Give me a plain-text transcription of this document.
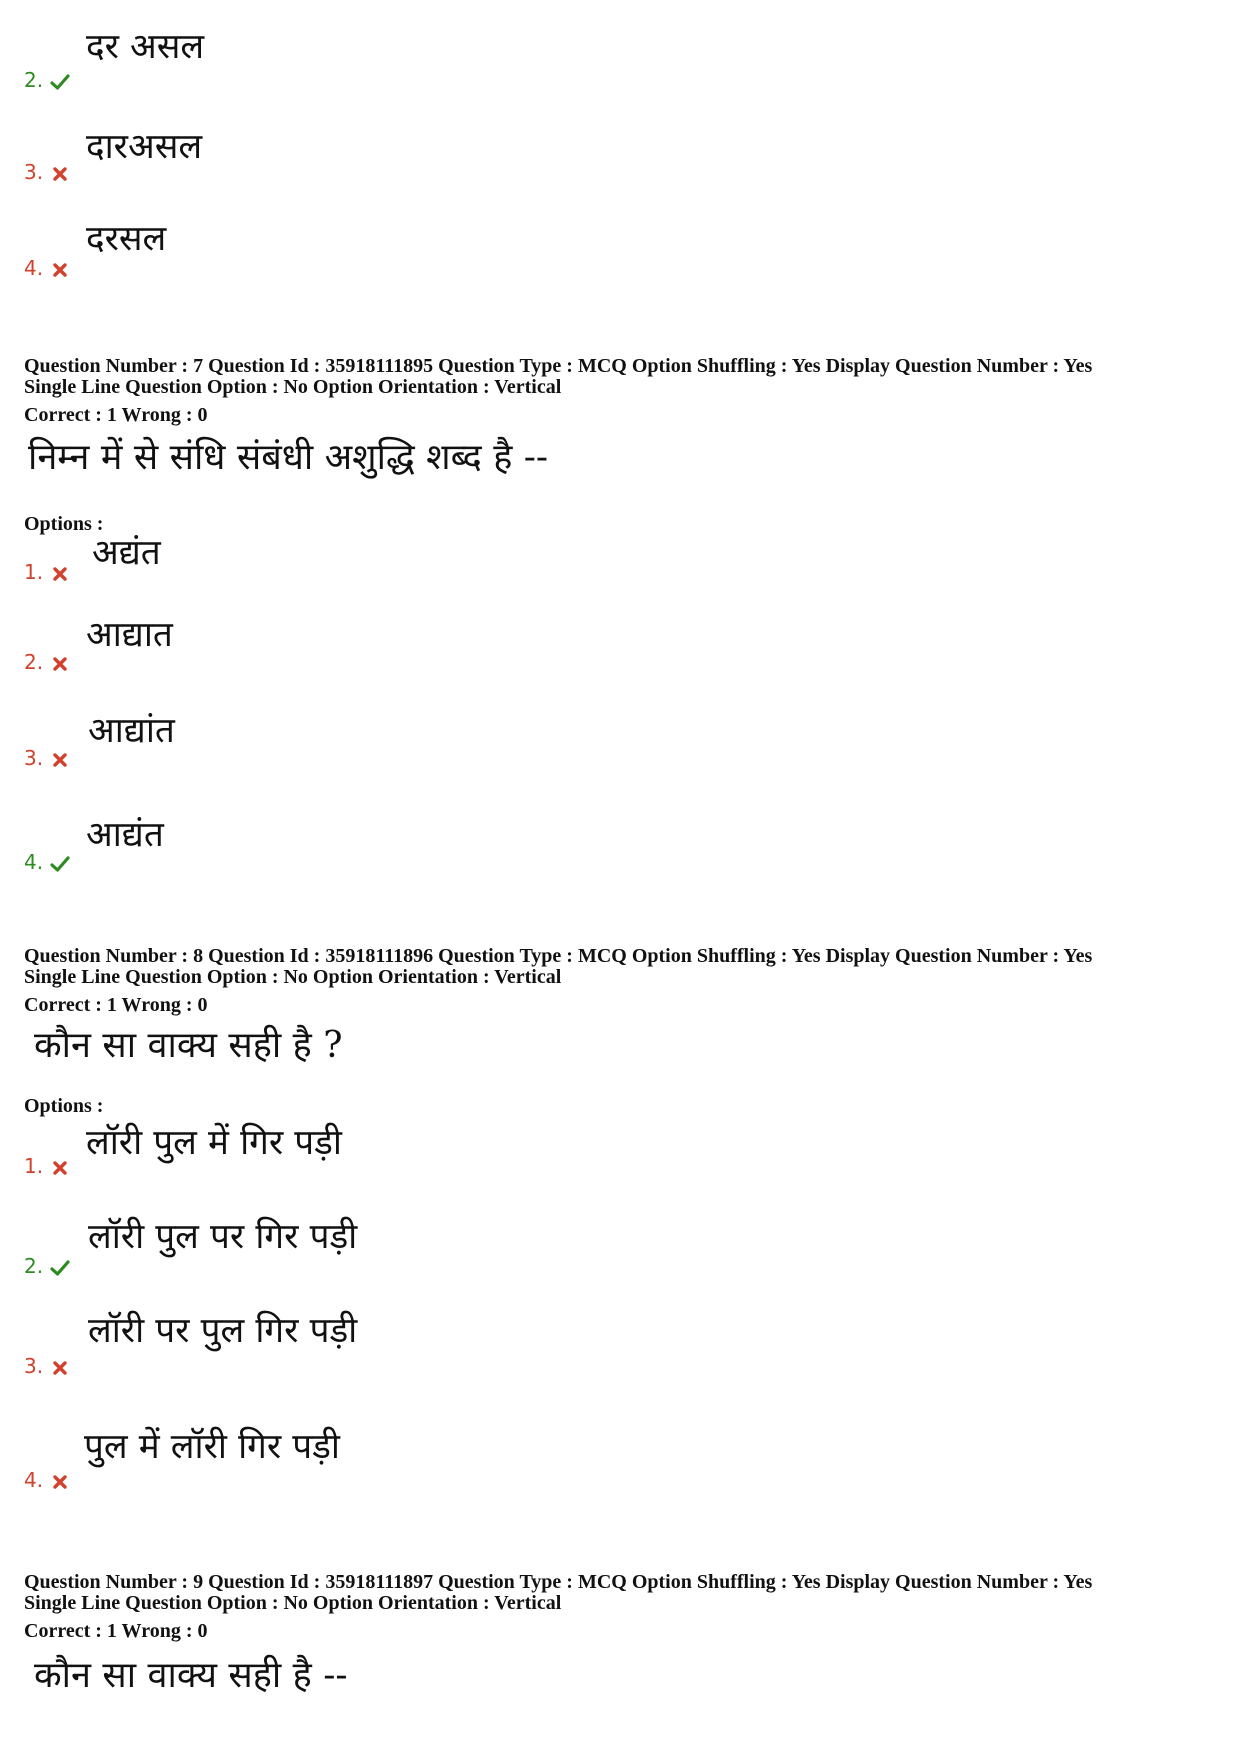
2.
दर असल
3.
दारअसल
4.
दरसल
Question Number : 7 Question Id : 35918111895 Question Type : MCQ Option Shuffling : Yes Display Question Number : Yes
Single Line Question Option : No Option Orientation : Vertical
Correct : 1 Wrong : 0
निम्न में से संधि संबंधी अशुद्धि शब्द है --
Options :
1.	अद्यंत
2.
आद्यात
3.
आद्यांत
4.
आद्यंत
Question Number : 8 Question Id : 35918111896 Question Type : MCQ Option Shuffling : Yes Display Question Number : Yes
Single Line Question Option : No Option Orientation : Vertical
Correct : 1 Wrong : 0
कौन सा वाक्य सही है ?
Options :
1.
लॉरी पुल में गिर पड़ी
2.
लॉरी पुल पर गिर पड़ी
3.
लॉरी पर पुल गिर पड़ी
4.
पुल में लॉरी गिर पड़ी
Question Number : 9 Question Id : 35918111897 Question Type : MCQ Option Shuffling : Yes Display Question Number : Yes
Single Line Question Option : No Option Orientation : Vertical
Correct : 1 Wrong : 0
कौन सा वाक्य सही है --
